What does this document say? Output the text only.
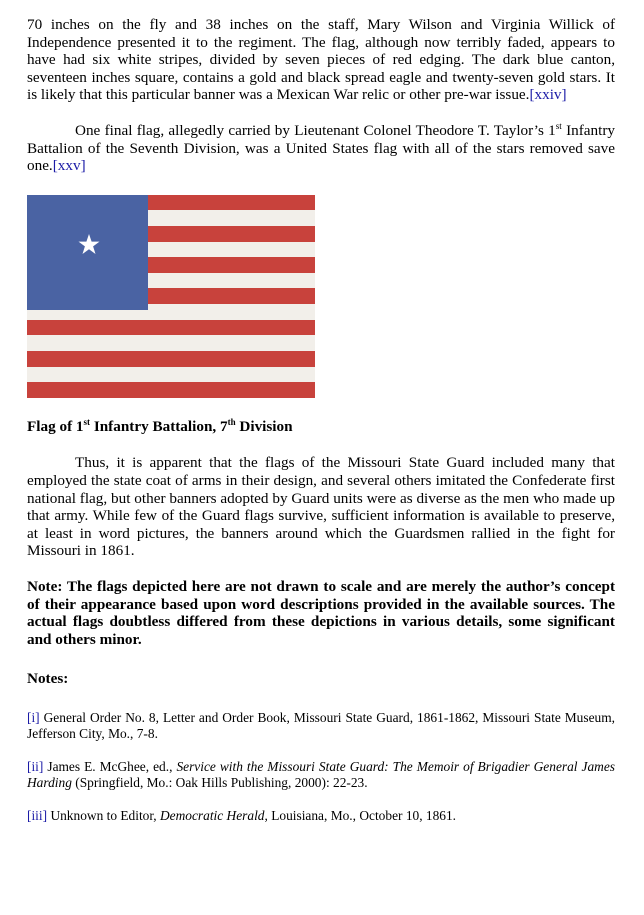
70 inches on the fly and 38 inches on the staff, Mary Wilson and Virginia Willick of Independence presented it to the regiment. The flag, although now terribly faded, appears to have had six white stripes, divided by seven pieces of red edging. The dark blue canton, seventeen inches square, contains a gold and black spread eagle and twenty-seven gold stars. It is likely that this particular banner was a Mexican War relic or other pre-war issue.[xxiv]

One final flag, allegedly carried by Lieutenant Colonel Theodore T. Taylor’s 1st Infantry Battalion of the Seventh Division, was a United States flag with all of the stars removed save one.[xxv]

Flag of 1st Infantry Battalion, 7th Division

Thus, it is apparent that the flags of the Missouri State Guard included many that employed the state coat of arms in their design, and several others imitated the Confederate first national flag, but other banners adopted by Guard units were as diverse as the men who made up that army. While few of the Guard flags survive, sufficient information is available to preserve, at least in word pictures, the banners around which the Guardsmen rallied in the fight for Missouri in 1861.

Note: The flags depicted here are not drawn to scale and are merely the author’s concept of their appearance based upon word descriptions provided in the available sources. The actual flags doubtless differed from these depictions in various details, some significant and others minor.

Notes:

[i] General Order No. 8, Letter and Order Book, Missouri State Guard, 1861-1862, Missouri State Museum, Jefferson City, Mo., 7-8.

[ii] James E. McGhee, ed., Service with the Missouri State Guard: The Memoir of Brigadier General James Harding (Springfield, Mo.: Oak Hills Publishing, 2000): 22-23.

[iii] Unknown to Editor, Democratic Herald, Louisiana, Mo., October 10, 1861.
